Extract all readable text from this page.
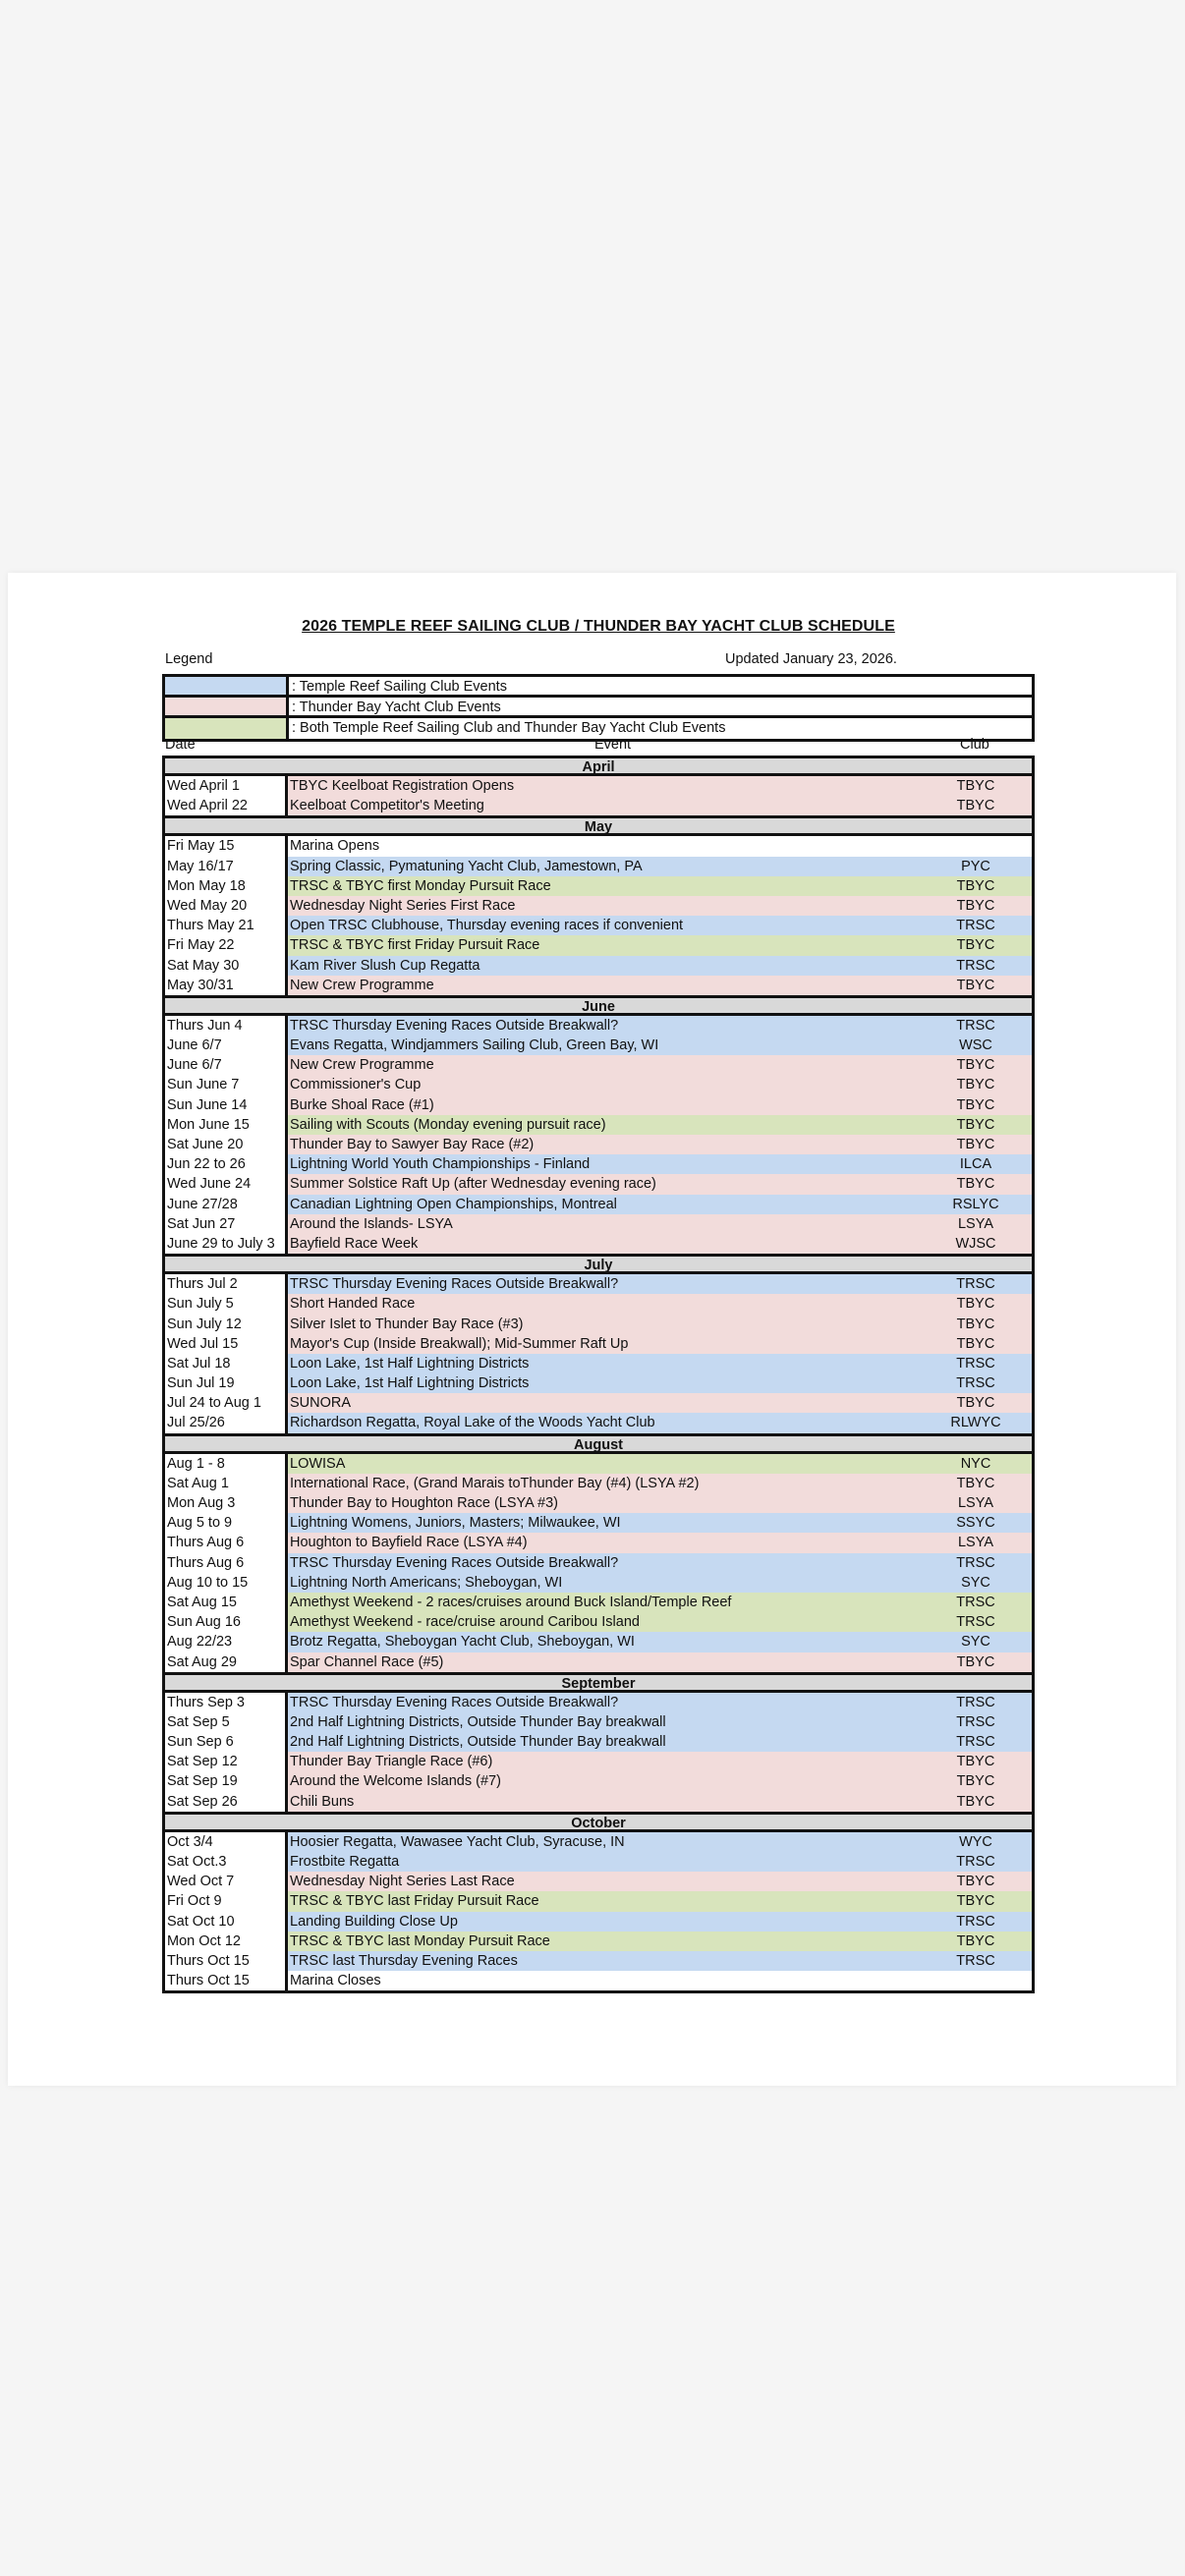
2026 TEMPLE REEF SAILING CLUB / THUNDER BAY YACHT CLUB SCHEDULE
Legend	Updated January 23, 2026.
: Temple Reef Sailing Club Events
: Thunder Bay Yacht Club Events
: Both Temple Reef Sailing Club and Thunder Bay Yacht Club Events
Date	Event	Club
April
Wed April 1	TBYC Keelboat Registration Opens	TBYC
Wed April 22	Keelboat Competitor's Meeting	TBYC
May
Fri May 15	Marina Opens
May 16/17	Spring Classic, Pymatuning Yacht Club, Jamestown, PA	PYC
Mon May 18	TRSC & TBYC first Monday Pursuit Race	TBYC
Wed May 20	Wednesday Night Series First Race	TBYC
Thurs May 21	Open TRSC Clubhouse, Thursday evening races if convenient	TRSC
Fri May 22	TRSC & TBYC first Friday Pursuit Race	TBYC
Sat May 30	Kam River Slush Cup Regatta	TRSC
May 30/31	New Crew Programme	TBYC
June
Thurs Jun 4	TRSC Thursday Evening Races Outside Breakwall?	TRSC
June 6/7	Evans Regatta, Windjammers Sailing Club, Green Bay, WI	WSC
June 6/7	New Crew Programme	TBYC
Sun June 7	Commissioner's Cup	TBYC
Sun June 14	Burke Shoal Race (#1)	TBYC
Mon June 15	Sailing with Scouts (Monday evening pursuit race)	TBYC
Sat June 20	Thunder Bay to Sawyer Bay Race (#2)	TBYC
Jun 22 to 26	Lightning World Youth Championships - Finland	ILCA
Wed June 24	Summer Solstice Raft Up (after Wednesday evening race)	TBYC
June 27/28	Canadian Lightning Open Championships, Montreal	RSLYC
Sat Jun 27	Around the Islands- LSYA	LSYA
June 29 to July 3	Bayfield Race Week	WJSC
July
Thurs Jul 2	TRSC Thursday Evening Races Outside Breakwall?	TRSC
Sun July 5	Short Handed Race	TBYC
Sun July 12	Silver Islet to Thunder Bay Race (#3)	TBYC
Wed Jul 15	Mayor's Cup (Inside Breakwall); Mid-Summer Raft Up	TBYC
Sat Jul 18	Loon Lake, 1st Half Lightning Districts	TRSC
Sun Jul 19	Loon Lake, 1st Half Lightning Districts	TRSC
Jul 24 to Aug 1	SUNORA	TBYC
Jul 25/26	Richardson Regatta, Royal Lake of the Woods Yacht Club	RLWYC
August
Aug 1 - 8	LOWISA	NYC
Sat Aug 1	International Race, (Grand Marais toThunder Bay (#4) (LSYA #2)	TBYC
Mon Aug 3	Thunder Bay to Houghton Race (LSYA #3)	LSYA
Aug 5 to 9	Lightning Womens, Juniors, Masters; Milwaukee, WI	SSYC
Thurs Aug 6	Houghton to Bayfield Race (LSYA #4)	LSYA
Thurs Aug 6	TRSC Thursday Evening Races Outside Breakwall?	TRSC
Aug 10 to 15	Lightning North Americans; Sheboygan, WI	SYC
Sat Aug 15	Amethyst Weekend - 2 races/cruises around Buck Island/Temple Reef	TRSC
Sun Aug 16	Amethyst Weekend - race/cruise around Caribou Island	TRSC
Aug 22/23	Brotz Regatta, Sheboygan Yacht Club, Sheboygan, WI	SYC
Sat Aug 29	Spar Channel Race (#5)	TBYC
September
Thurs Sep 3	TRSC Thursday Evening Races Outside Breakwall?	TRSC
Sat Sep 5	2nd Half Lightning Districts, Outside Thunder Bay breakwall	TRSC
Sun Sep 6	2nd Half Lightning Districts, Outside Thunder Bay breakwall	TRSC
Sat Sep 12	Thunder Bay Triangle Race (#6)	TBYC
Sat Sep 19	Around the Welcome Islands (#7)	TBYC
Sat Sep 26	Chili Buns	TBYC
October
Oct 3/4	Hoosier Regatta, Wawasee Yacht Club, Syracuse, IN	WYC
Sat Oct.3	Frostbite Regatta	TRSC
Wed Oct 7	Wednesday Night Series Last Race	TBYC
Fri Oct 9	TRSC & TBYC last Friday Pursuit Race	TBYC
Sat Oct 10	Landing Building Close Up	TRSC
Mon Oct 12	TRSC & TBYC last Monday Pursuit Race	TBYC
Thurs Oct 15	TRSC last Thursday Evening Races	TRSC
Thurs Oct 15	Marina Closes
